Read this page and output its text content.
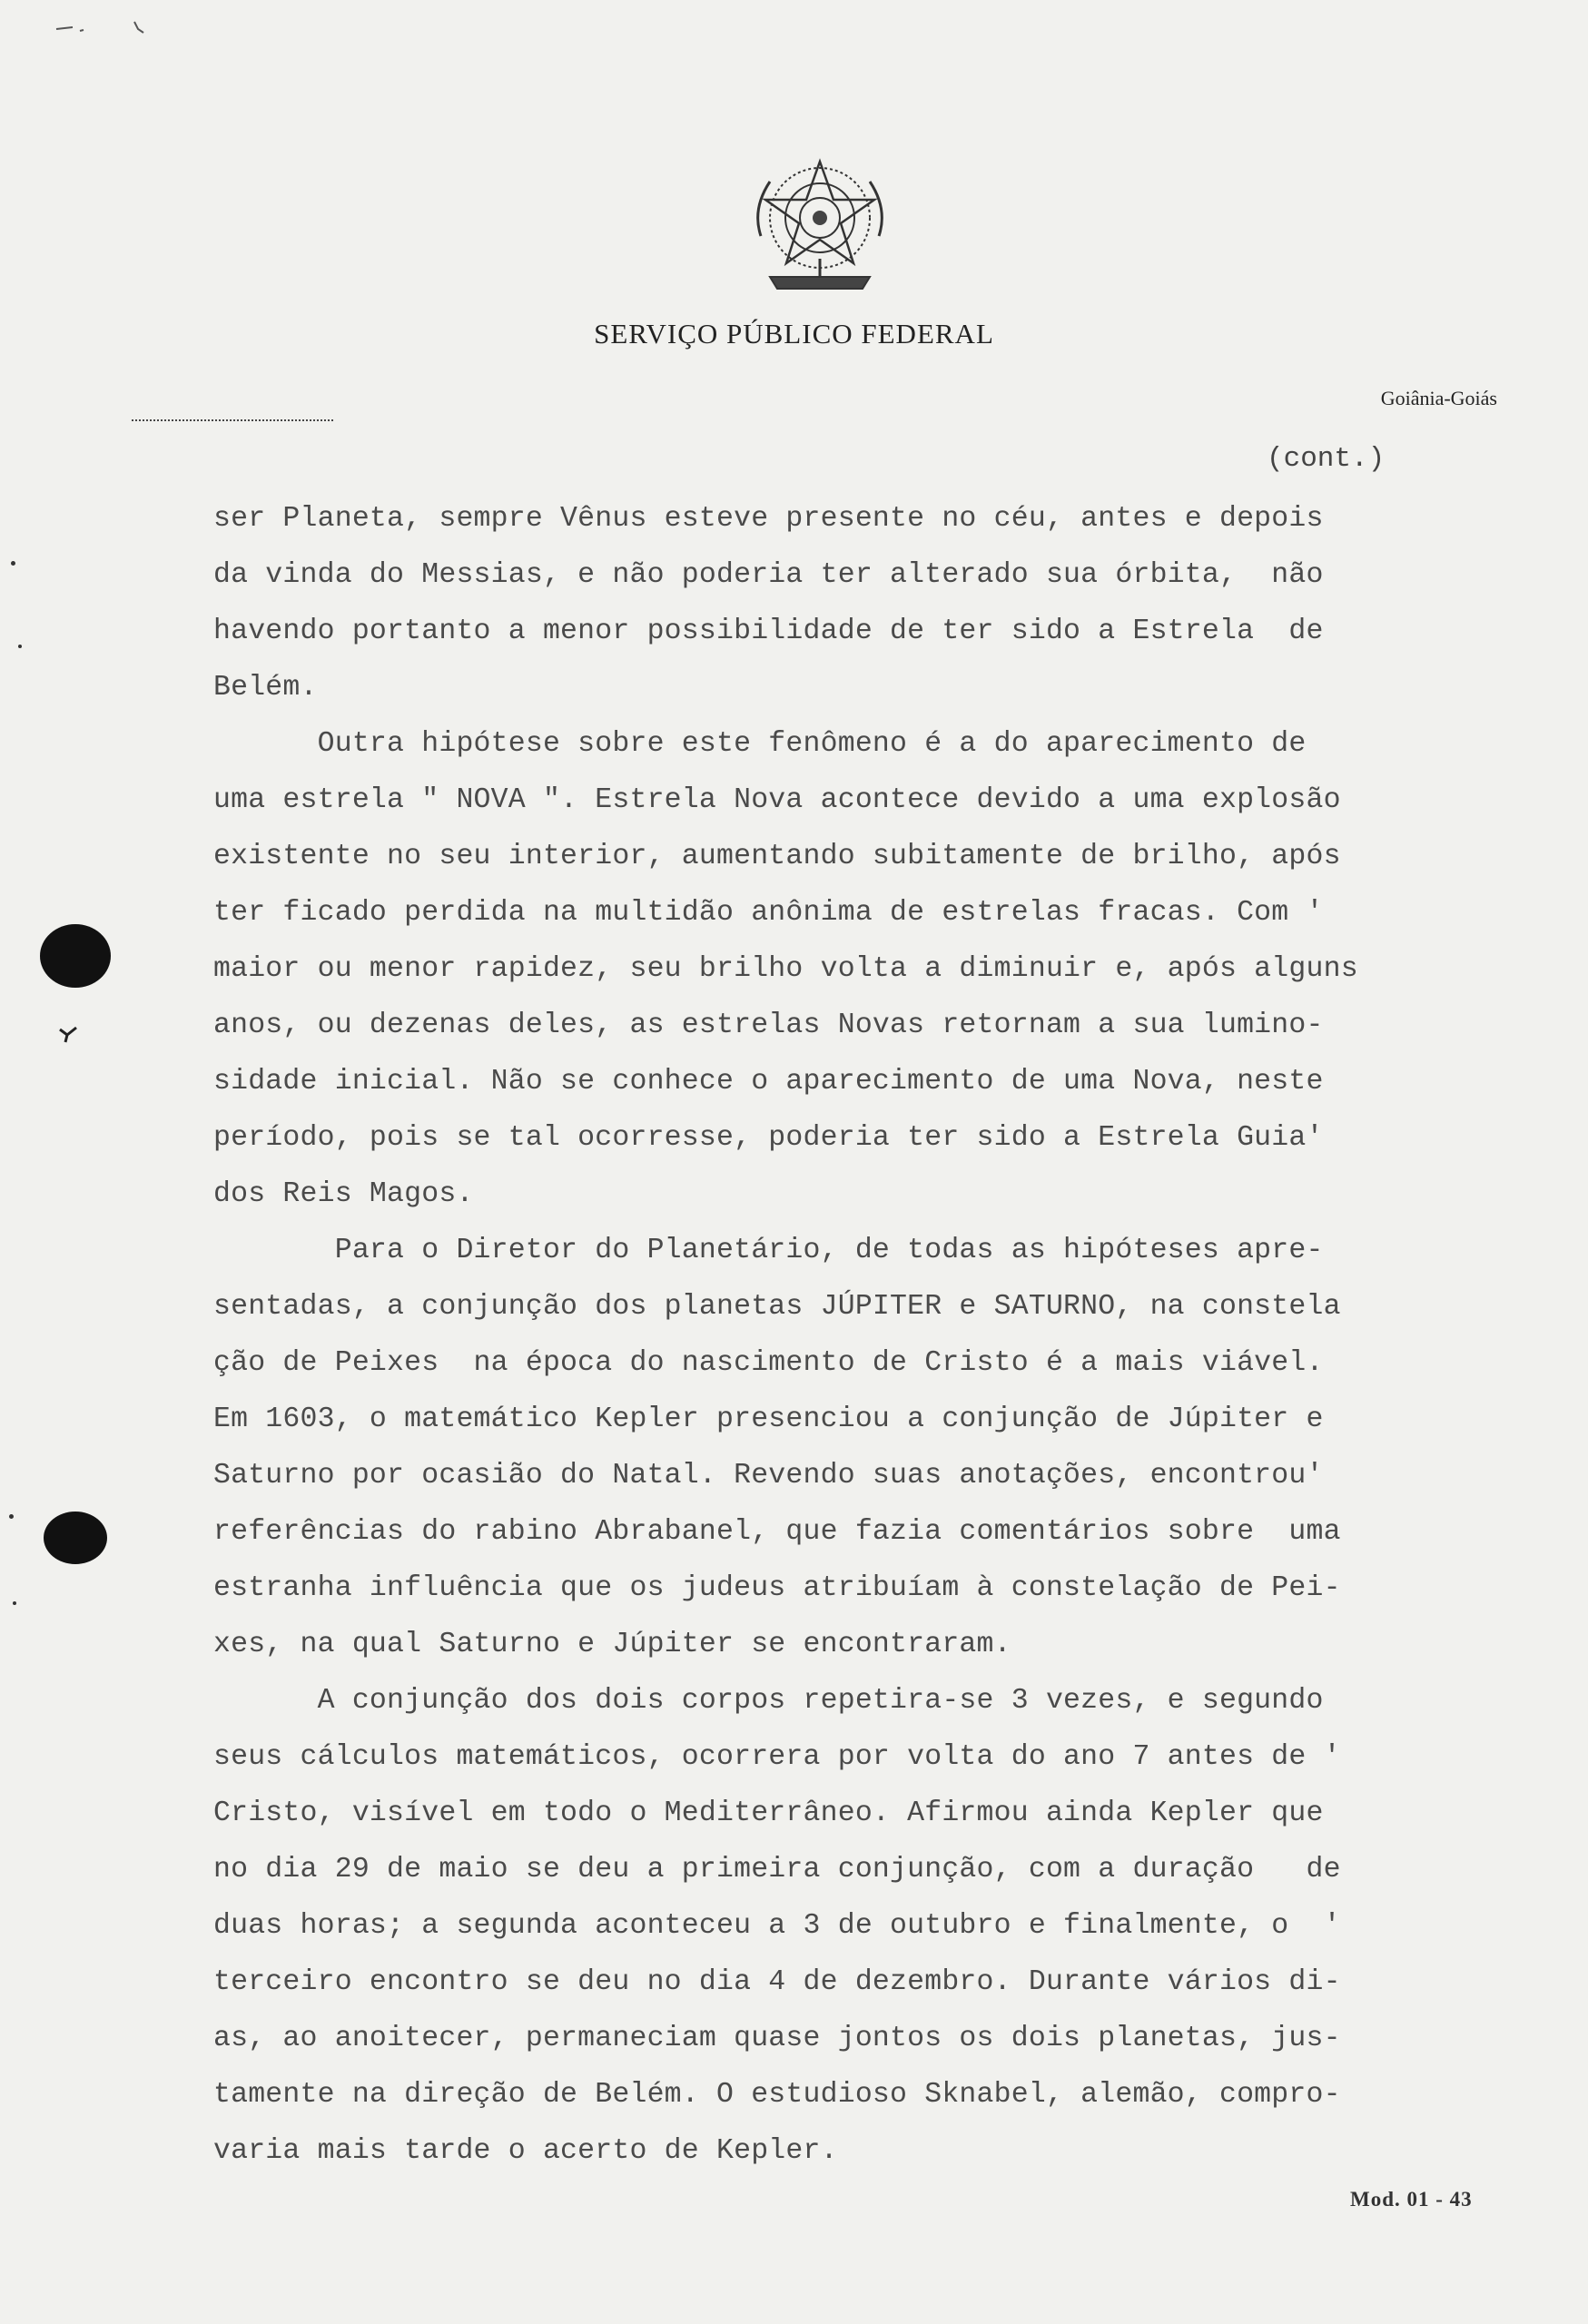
SERVIÇO PÚBLICO FEDERAL
Goiânia-Goiás
(cont.)
ser Planeta, sempre Vênus esteve presente no céu, antes e depois
da vinda do Messias, e não poderia ter alterado sua órbita,  não
havendo portanto a menor possibilidade de ter sido a Estrela  de
Belém.
Outra hipótese sobre este fenômeno é a do aparecimento de
uma estrela " NOVA ". Estrela Nova acontece devido a uma explosão
existente no seu interior, aumentando subitamente de brilho, após
ter ficado perdida na multidão anônima de estrelas fracas. Com '
maior ou menor rapidez, seu brilho volta a diminuir e, após alguns
anos, ou dezenas deles, as estrelas Novas retornam a sua lumino-
sidade inicial. Não se conhece o aparecimento de uma Nova, neste
período, pois se tal ocorresse, poderia ter sido a Estrela Guia'
dos Reis Magos.
Para o Diretor do Planetário, de todas as hipóteses apre-
sentadas, a conjunção dos planetas JÚPITER e SATURNO, na constela
ção de Peixes  na época do nascimento de Cristo é a mais viável.
Em 1603, o matemático Kepler presenciou a conjunção de Júpiter e
Saturno por ocasião do Natal. Revendo suas anotações, encontrou'
referências do rabino Abrabanel, que fazia comentários sobre  uma
estranha influência que os judeus atribuíam à constelação de Pei-
xes, na qual Saturno e Júpiter se encontraram.
A conjunção dos dois corpos repetira-se 3 vezes, e segundo
seus cálculos matemáticos, ocorrera por volta do ano 7 antes de '
Cristo, visível em todo o Mediterrâneo. Afirmou ainda Kepler que
no dia 29 de maio se deu a primeira conjunção, com a duração   de
duas horas; a segunda aconteceu a 3 de outubro e finalmente, o  '
terceiro encontro se deu no dia 4 de dezembro. Durante vários di-
as, ao anoitecer, permaneciam quase jontos os dois planetas, jus-
tamente na direção de Belém. O estudioso Sknabel, alemão, compro-
varia mais tarde o acerto de Kepler.
Mod. 01 - 43
